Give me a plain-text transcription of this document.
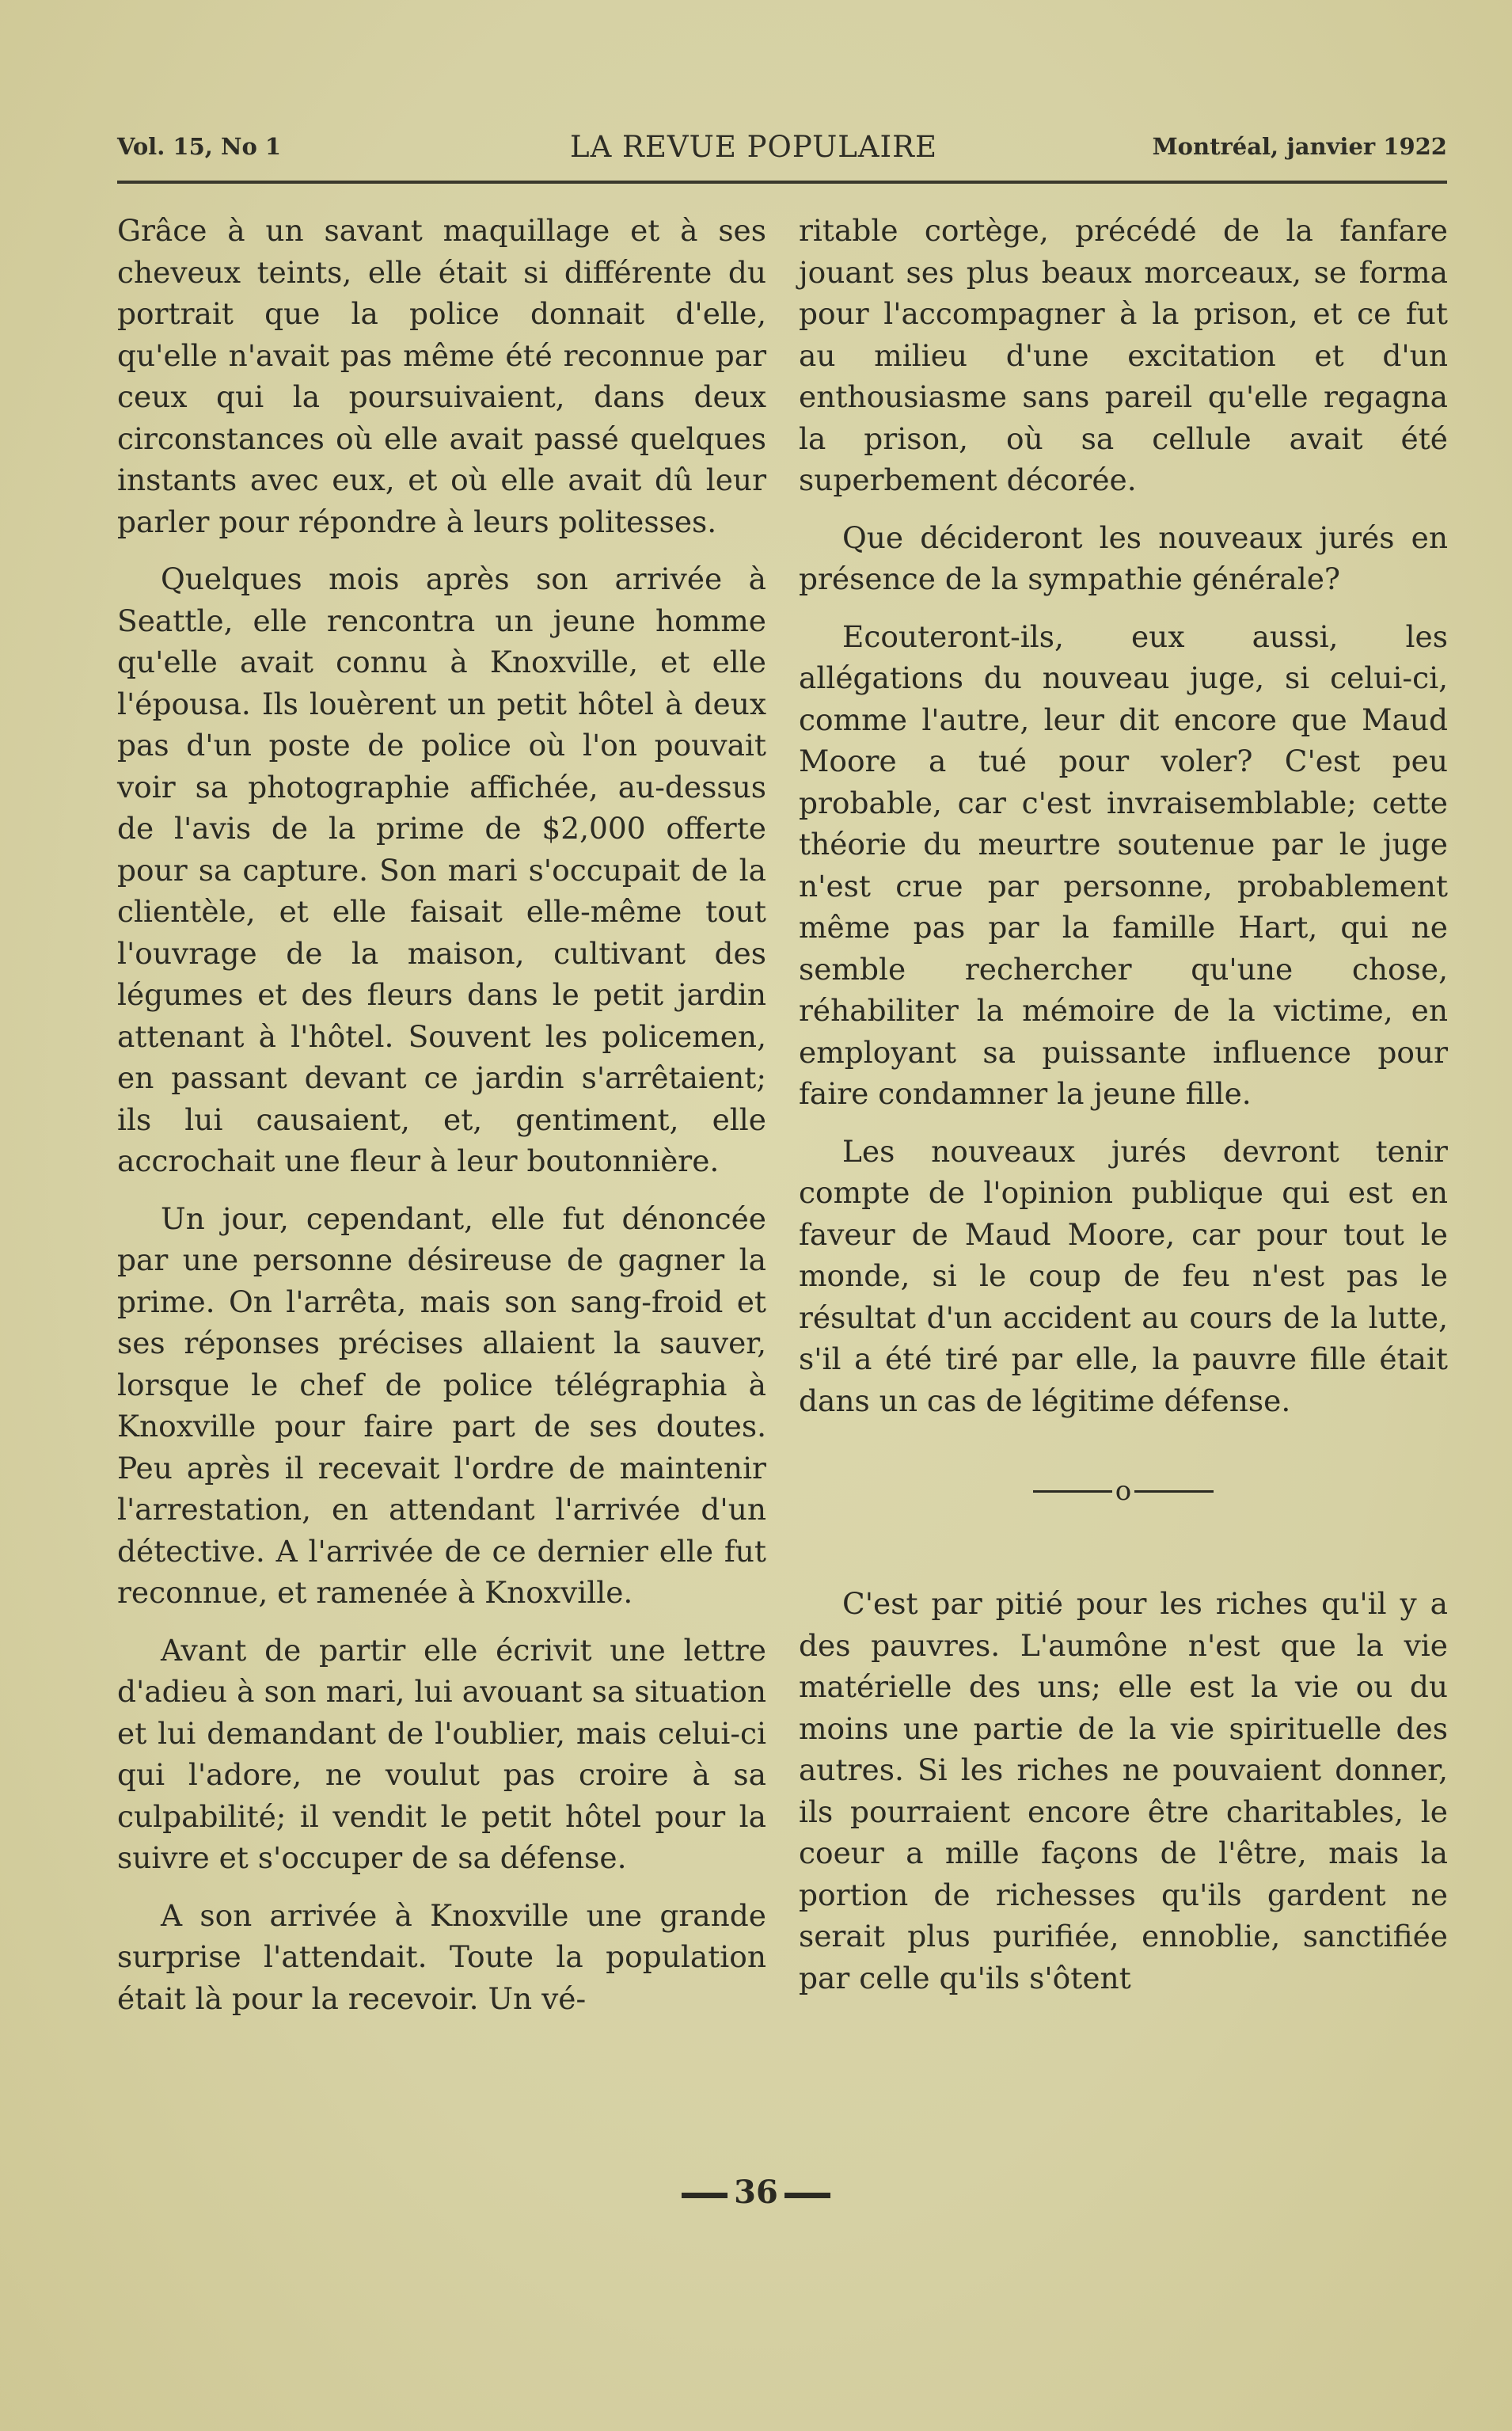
Vol. 15, No 1	LA REVUE POPULAIRE	Montréal, janvier 1922

Grâce à un savant maquillage et à ses cheveux teints, elle était si différente du portrait que la police donnait d'elle, qu'elle n'avait pas même été reconnue par ceux qui la poursuivaient, dans deux circonstances où elle avait passé quelques instants avec eux, et où elle avait dû leur parler pour répondre à leurs politesses.

Quelques mois après son arrivée à Seattle, elle rencontra un jeune homme qu'elle avait connu à Knoxville, et elle l'épousa. Ils louèrent un petit hôtel à deux pas d'un poste de police où l'on pouvait voir sa photographie affichée, au-dessus de l'avis de la prime de $2,000 offerte pour sa capture. Son mari s'occupait de la clientèle, et elle faisait elle-même tout l'ouvrage de la maison, cultivant des légumes et des fleurs dans le petit jardin attenant à l'hôtel. Souvent les policemen, en passant devant ce jardin s'arrêtaient; ils lui causaient, et, gentiment, elle accrochait une fleur à leur boutonnière.

Un jour, cependant, elle fut dénoncée par une personne désireuse de gagner la prime. On l'arrêta, mais son sang-froid et ses réponses précises allaient la sauver, lorsque le chef de police télégraphia à Knoxville pour faire part de ses doutes. Peu après il recevait l'ordre de maintenir l'arrestation, en attendant l'arrivée d'un détective. A l'arrivée de ce dernier elle fut reconnue, et ramenée à Knoxville.

Avant de partir elle écrivit une lettre d'adieu à son mari, lui avouant sa situation et lui demandant de l'oublier, mais celui-ci qui l'adore, ne voulut pas croire à sa culpabilité; il vendit le petit hôtel pour la suivre et s'occuper de sa défense.

A son arrivée à Knoxville une grande surprise l'attendait. Toute la population était là pour la recevoir. Un vé-

ritable cortège, précédé de la fanfare jouant ses plus beaux morceaux, se forma pour l'accompagner à la prison, et ce fut au milieu d'une excitation et d'un enthousiasme sans pareil qu'elle regagna la prison, où sa cellule avait été superbement décorée.

Que décideront les nouveaux jurés en présence de la sympathie générale?

Ecouteront-ils, eux aussi, les allégations du nouveau juge, si celui-ci, comme l'autre, leur dit encore que Maud Moore a tué pour voler? C'est peu probable, car c'est invraisemblable; cette théorie du meurtre soutenue par le juge n'est crue par personne, probablement même pas par la famille Hart, qui ne semble rechercher qu'une chose, réhabiliter la mémoire de la victime, en employant sa puissante influence pour faire condamner la jeune fille.

Les nouveaux jurés devront tenir compte de l'opinion publique qui est en faveur de Maud Moore, car pour tout le monde, si le coup de feu n'est pas le résultat d'un accident au cours de la lutte, s'il a été tiré par elle, la pauvre fille était dans un cas de légitime défense.

o

C'est par pitié pour les riches qu'il y a des pauvres. L'aumône n'est que la vie matérielle des uns; elle est la vie ou du moins une partie de la vie spirituelle des autres. Si les riches ne pouvaient donner, ils pourraient encore être charitables, le coeur a mille façons de l'être, mais la portion de richesses qu'ils gardent ne serait plus purifiée, ennoblie, sanctifiée par celle qu'ils s'ôtent

36
